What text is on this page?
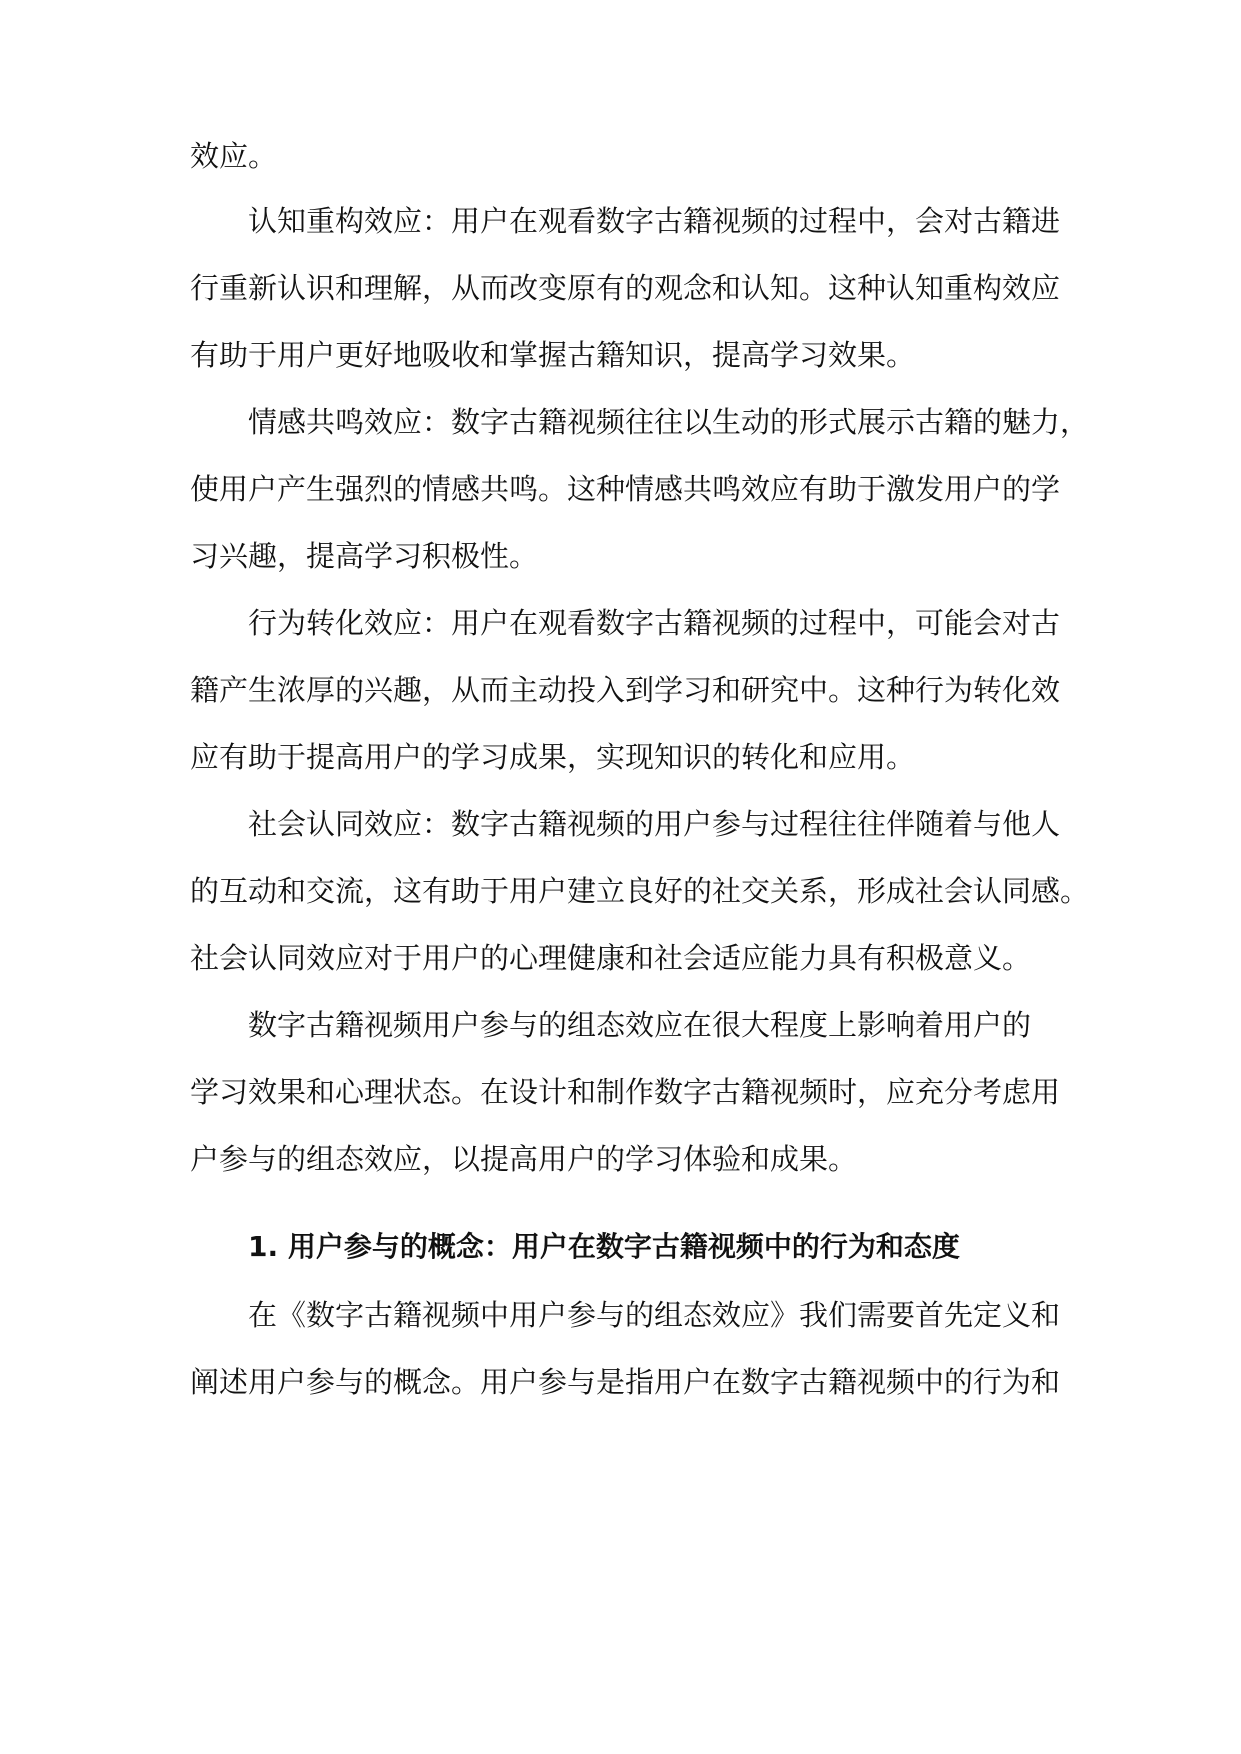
效应。
认知重构效应：用户在观看数字古籍视频的过程中，会对古籍进
行重新认识和理解，从而改变原有的观念和认知。这种认知重构效应
有助于用户更好地吸收和掌握古籍知识，提高学习效果。
情感共鸣效应：数字古籍视频往往以生动的形式展示古籍的魅力，
使用户产生强烈的情感共鸣。这种情感共鸣效应有助于激发用户的学
习兴趣，提高学习积极性。
行为转化效应：用户在观看数字古籍视频的过程中，可能会对古
籍产生浓厚的兴趣，从而主动投入到学习和研究中。这种行为转化效
应有助于提高用户的学习成果，实现知识的转化和应用。
社会认同效应：数字古籍视频的用户参与过程往往伴随着与他人
的互动和交流，这有助于用户建立良好的社交关系，形成社会认同感。
社会认同效应对于用户的心理健康和社会适应能力具有积极意义。
数字古籍视频用户参与的组态效应在很大程度上影响着用户的
学习效果和心理状态。在设计和制作数字古籍视频时，应充分考虑用
户参与的组态效应，以提高用户的学习体验和成果。
1. 用户参与的概念：用户在数字古籍视频中的行为和态度
在《数字古籍视频中用户参与的组态效应》我们需要首先定义和
阐述用户参与的概念。用户参与是指用户在数字古籍视频中的行为和
